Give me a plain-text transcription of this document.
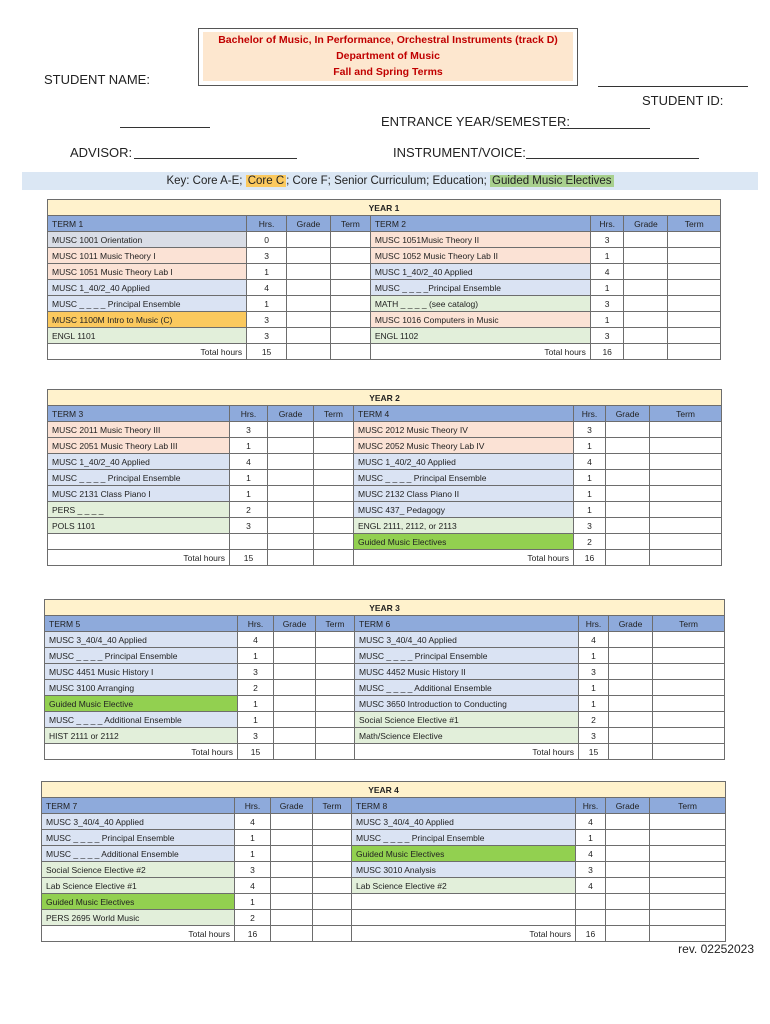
Bachelor of Music, In Performance, Orchestral Instruments (track D)
Department of Music
Fall and Spring Terms
STUDENT NAME:
STUDENT ID:
ENTRANCE YEAR/SEMESTER:
ADVISOR:	INSTRUMENT/VOICE:
Key: Core A-E; Core C ; Core F; Senior Curriculum; Education; Guided Music Electives
YEAR 1							
TERM 1	Hrs.	Grade	Term	TERM 2	Hrs.	Grade	Term
MUSC 1001 Orientation	0			MUSC 1051Music Theory II	3		
MUSC 1011 Music Theory I	3			MUSC 1052 Music Theory Lab II	1		
MUSC 1051 Music Theory Lab I	1			MUSC 1_40/2_40 Applied	4		
MUSC 1_40/2_40 Applied	4			MUSC _ _ _ _Principal Ensemble	1		
MUSC _ _ _ _ Principal Ensemble	1			MATH _ _ _ _ (see catalog)	3		
MUSC 1100M Intro to Music (C)	3			MUSC 1016 Computers in Music	1		
ENGL 1101	3			ENGL 1102	3		
Total hours	15			Total hours	16		
YEAR 2							
TERM 3	Hrs.	Grade	Term	TERM 4	Hrs.	Grade	Term
MUSC 2011 Music Theory III	3			MUSC 2012 Music Theory IV	3		
MUSC 2051 Music Theory Lab III	1			MUSC 2052 Music Theory Lab IV	1		
MUSC 1_40/2_40 Applied	4			MUSC 1_40/2_40 Applied	4		
MUSC _ _ _ _ Principal Ensemble	1			MUSC _ _ _ _ Principal Ensemble	1		
MUSC 2131 Class Piano I	1			MUSC 2132 Class Piano II	1		
PERS _ _ _ _	2			MUSC 437_ Pedagogy	1		
POLS 1101	3			ENGL 2111, 2112, or 2113	3		
				Guided Music Electives	2		
Total hours	15			Total hours	16		
YEAR 3							
TERM 5	Hrs.	Grade	Term	TERM 6	Hrs.	Grade	Term
MUSC 3_40/4_40 Applied	4			MUSC 3_40/4_40 Applied	4		
MUSC _ _ _ _ Principal Ensemble	1			MUSC _ _ _ _ Principal Ensemble	1		
MUSC 4451 Music History I	3			MUSC 4452 Music History II	3		
MUSC 3100 Arranging	2			MUSC _ _ _ _ Additional Ensemble	1		
Guided Music Elective	1			MUSC 3650 Introduction to Conducting	1		
MUSC _ _ _ _ Additional Ensemble	1			Social Science Elective #1	2		
HIST 2111 or 2112	3			Math/Science Elective	3		
Total hours	15			Total hours	15		
YEAR 4							
TERM 7	Hrs.	Grade	Term	TERM 8	Hrs.	Grade	Term
MUSC 3_40/4_40 Applied	4			MUSC 3_40/4_40 Applied	4		
MUSC _ _ _ _ Principal Ensemble	1			MUSC _ _ _ _ Principal Ensemble	1		
MUSC _ _ _ _ Additional Ensemble	1			Guided Music Electives	4		
Social Science Elective #2	3			MUSC 3010 Analysis	3		
Lab Science Elective #1	4			Lab Science Elective #2	4		
Guided Music Electives	1						
PERS 2695 World Music	2						
Total hours	16			Total hours	16		
rev. 02252023
